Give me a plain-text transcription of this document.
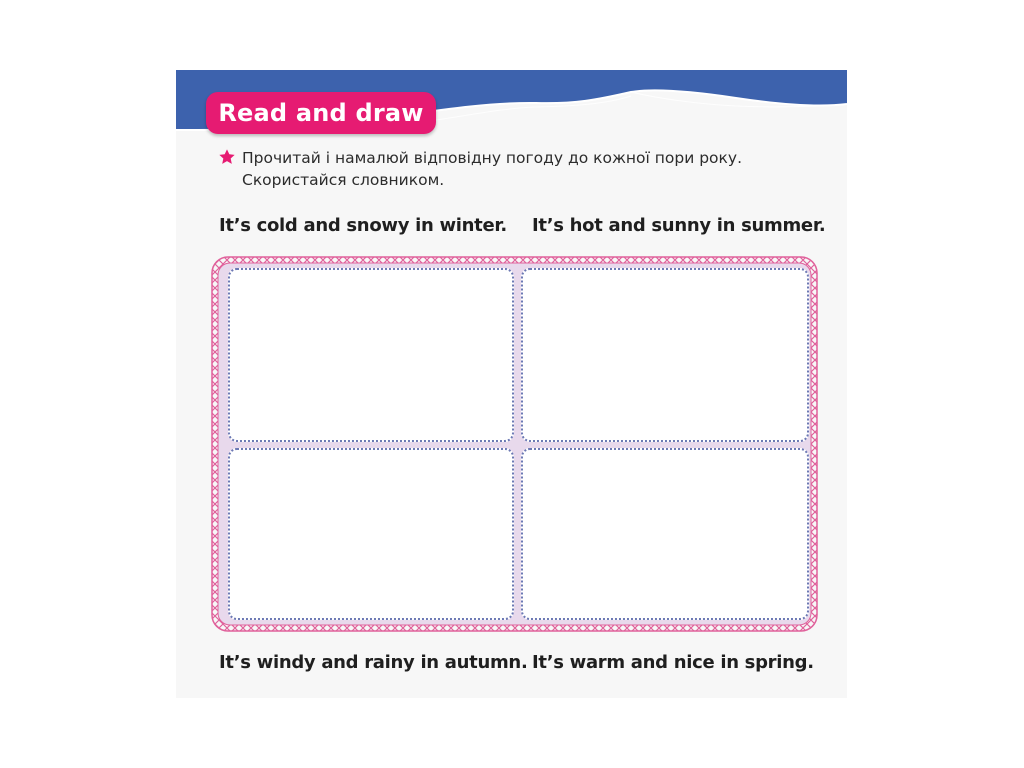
Read and draw
Прочитай і намалюй відповідну погоду до кожної пори року.
Скористайся словником.
It’s cold and snowy in winter. It’s hot and sunny in summer.
It’s windy and rainy in autumn. It’s warm and nice in spring.
